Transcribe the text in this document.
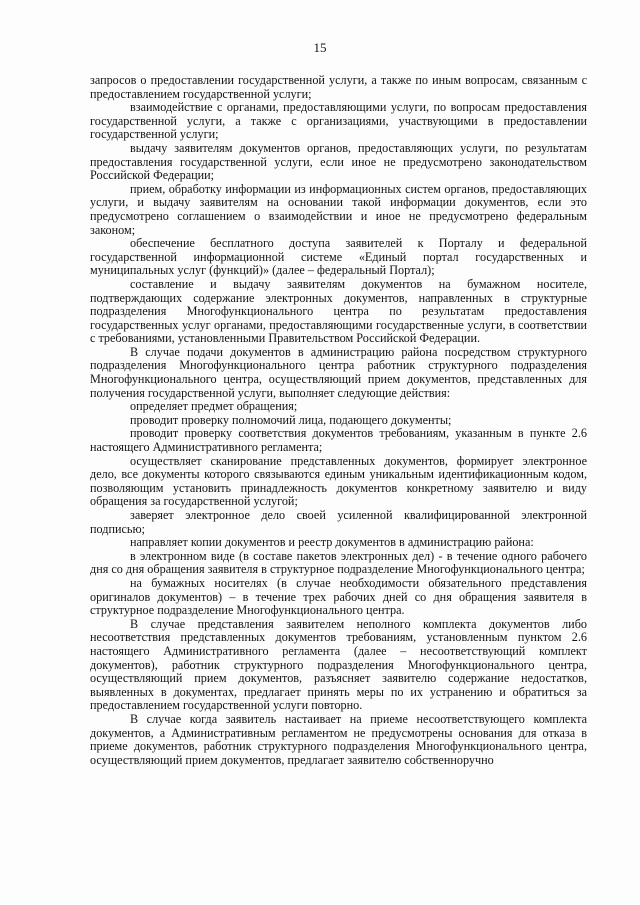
15

запросов о предоставлении государственной услуги, а также по иным вопросам, связанным с предоставлением государственной услуги;

взаимодействие с органами, предоставляющими услуги, по вопросам предоставления государственной услуги, а также с организациями, участвующими в предоставлении государственной услуги;

выдачу заявителям документов органов, предоставляющих услуги, по результатам предоставления государственной услуги, если иное не предусмотрено законодательством Российской Федерации;

прием, обработку информации из информационных систем органов, предоставляющих услуги, и выдачу заявителям на основании такой информации документов, если это предусмотрено соглашением о взаимодействии и иное не предусмотрено федеральным законом;

обеспечение бесплатного доступа заявителей к Порталу и федеральной государственной информационной системе «Единый портал государственных и муниципальных услуг (функций)» (далее – федеральный Портал);

составление и выдачу заявителям документов на бумажном носителе, подтверждающих содержание электронных документов, направленных в структурные подразделения Многофункционального центра по результатам предоставления государственных услуг органами, предоставляющими государственные услуги, в соответствии с требованиями, установленными Правительством Российской Федерации.

В случае подачи документов в администрацию района посредством структурного подразделения Многофункционального центра работник структурного подразделения Многофункционального центра, осуществляющий прием документов, представленных для получения государственной услуги, выполняет следующие действия:

определяет предмет обращения;

проводит проверку полномочий лица, подающего документы;

проводит проверку соответствия документов требованиям, указанным в пункте 2.6 настоящего Административного регламента;

осуществляет сканирование представленных документов, формирует электронное дело, все документы которого связываются единым уникальным идентификационным кодом, позволяющим установить принадлежность документов конкретному заявителю и виду обращения за государственной услугой;

заверяет электронное дело своей усиленной квалифицированной электронной подписью;

направляет копии документов и реестр документов в администрацию района:

в электронном виде (в составе пакетов электронных дел) - в течение одного рабочего дня со дня обращения заявителя в структурное подразделение Многофункционального центра;

на бумажных носителях (в случае необходимости обязательного представления оригиналов документов) – в течение трех рабочих дней со дня обращения заявителя в структурное подразделение Многофункционального центра.

В случае представления заявителем неполного комплекта документов либо несоответствия представленных документов требованиям, установленным пунктом 2.6 настоящего Административного регламента (далее – несоответствующий комплект документов), работник структурного подразделения Многофункционального центра, осуществляющий прием документов, разъясняет заявителю содержание недостатков, выявленных в документах, предлагает принять меры по их устранению и обратиться за предоставлением государственной услуги повторно.

В случае когда заявитель настаивает на приеме несоответствующего комплекта документов, а Административным регламентом не предусмотрены основания для отказа в приеме документов, работник структурного подразделения Многофункционального центра, осуществляющий прием документов, предлагает заявителю собственноручно
